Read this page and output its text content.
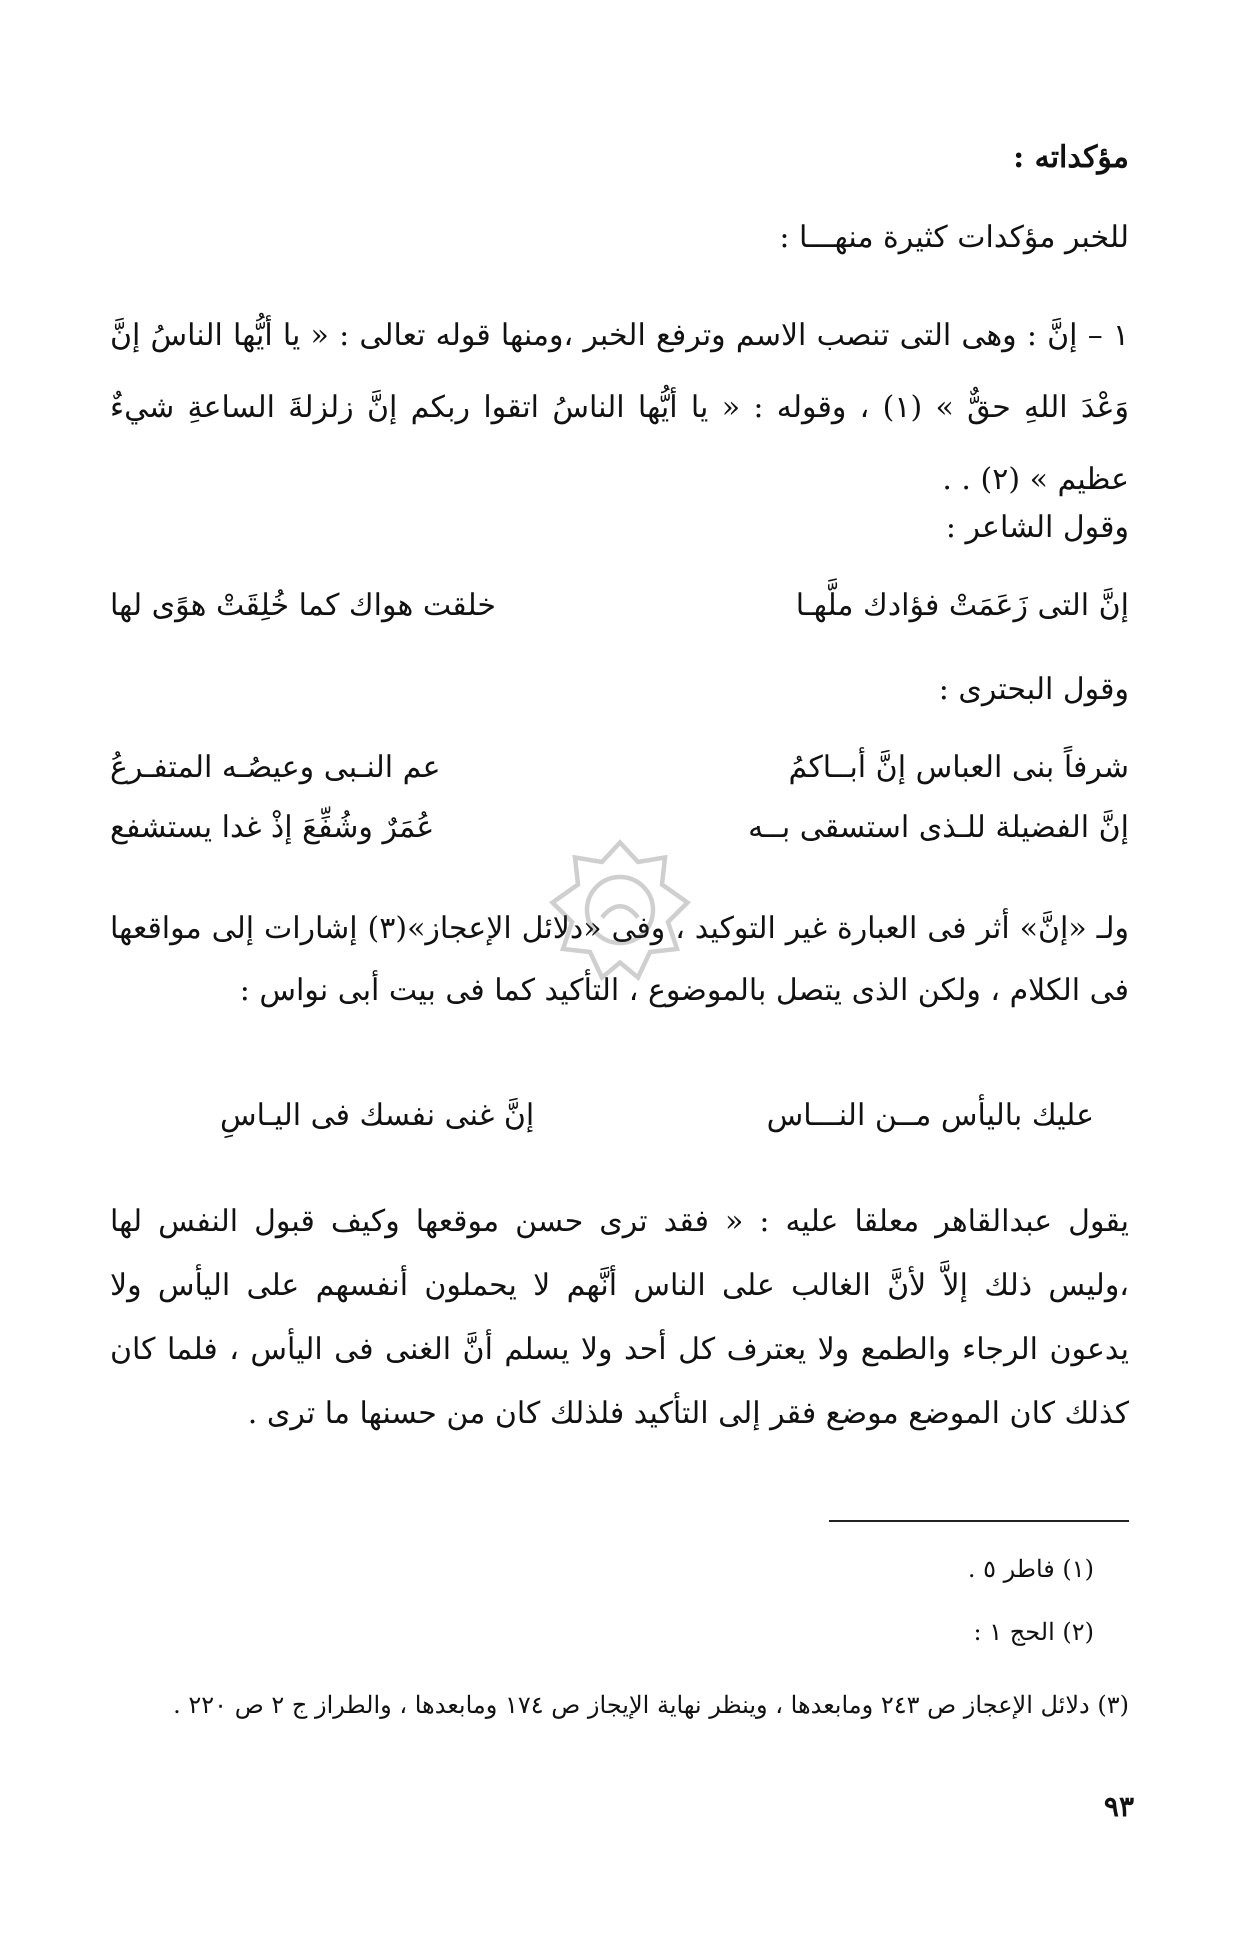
مؤكداته :
للخبر مؤكدات كثيرة منهـــا :
١ – إنَّ : وهى التى تنصب الاسم وترفع الخبر ،ومنها قوله تعالى : « يا أيُّها الناسُ إنَّ وَعْدَ اللهِ حقٌّ » (١) ، وقوله : « يا أيُّها الناسُ اتقوا ربكم إنَّ زلزلةَ الساعةِ شيءٌ عظيم » (٢) . .
وقول الشاعر :
إنَّ التى زَعَمَتْ فؤادك ملَّهـا
خلقت هواك كما خُلِقَتْ هوًى لها
وقول البحترى :
شرفاً بنى العباس إنَّ أبــاكمُ
عم النـبى وعيصُـه المتفـرعُ
إنَّ الفضيلة للـذى استسقى بــه
عُمَرٌ وشُفِّعَ إذْ غدا يستشفع
ولـ «إنَّ» أثر فى العبارة غير التوكيد ، وفى «دلائل الإعجاز»(٣) إشارات إلى مواقعها فى الكلام ، ولكن الذى يتصل بالموضوع ، التأكيد كما فى بيت أبى نواس :
عليك باليأس مــن النـــاس
إنَّ غنى نفسك فى اليـاسِ
يقول عبدالقاهر معلقا عليه : « فقد ترى حسن موقعها وكيف قبول النفس لها ،وليس ذلك إلاَّ لأنَّ الغالب على الناس أنَّهم لا يحملون أنفسهم على اليأس ولا يدعون الرجاء والطمع ولا يعترف كل أحد ولا يسلم أنَّ الغنى فى اليأس ، فلما كان كذلك كان الموضع موضع فقر إلى التأكيد فلذلك كان من حسنها ما ترى .
(١) فاطر ٥ .
(٢) الحج ١ :
(٣) دلائل الإعجاز ص ٢٤٣ ومابعدها ، وينظر نهاية الإيجاز ص ١٧٤ ومابعدها ، والطراز ج ٢ ص ٢٢٠ .
٩٣
